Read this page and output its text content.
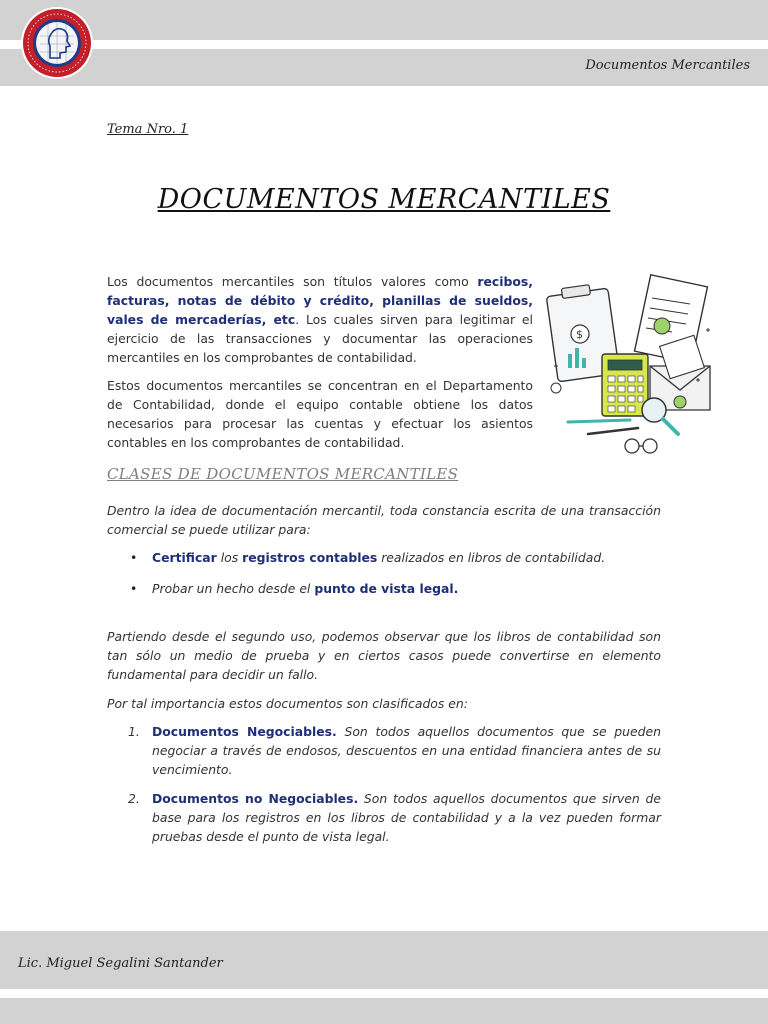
Documentos Mercantiles
Tema Nro. 1
DOCUMENTOS MERCANTILES

Los documentos mercantiles son títulos valores como recibos, facturas, notas de débito y crédito, planillas de sueldos, vales de mercaderías, etc. Los cuales sirven para legitimar el ejercicio de las transacciones y documentar las operaciones mercantiles en los comprobantes de contabilidad.

Estos documentos mercantiles se concentran en el Departamento de Contabilidad, donde el equipo contable obtiene los datos necesarios para procesar las cuentas y efectuar los asientos contables en los comprobantes de contabilidad.

$
CLASES DE DOCUMENTOS MERCANTILES

Dentro la idea de documentación mercantil, toda constancia escrita de una transacción comercial se puede utilizar para:

• Certificar los registros contables realizados en libros de contabilidad.
• Probar un hecho desde el punto de vista legal.

Partiendo desde el segundo uso, podemos observar que los libros de contabilidad son tan sólo un medio de prueba y en ciertos casos puede convertirse en elemento fundamental para decidir un fallo.

Por tal importancia estos documentos son clasificados en:

1. Documentos Negociables. Son todos aquellos documentos que se pueden negociar a través de endosos, descuentos en una entidad financiera antes de su vencimiento.
2. Documentos no Negociables. Son todos aquellos documentos que sirven de base para los registros en los libros de contabilidad y a la vez pueden formar pruebas desde el punto de vista legal.
Lic. Miguel Segalini Santander
